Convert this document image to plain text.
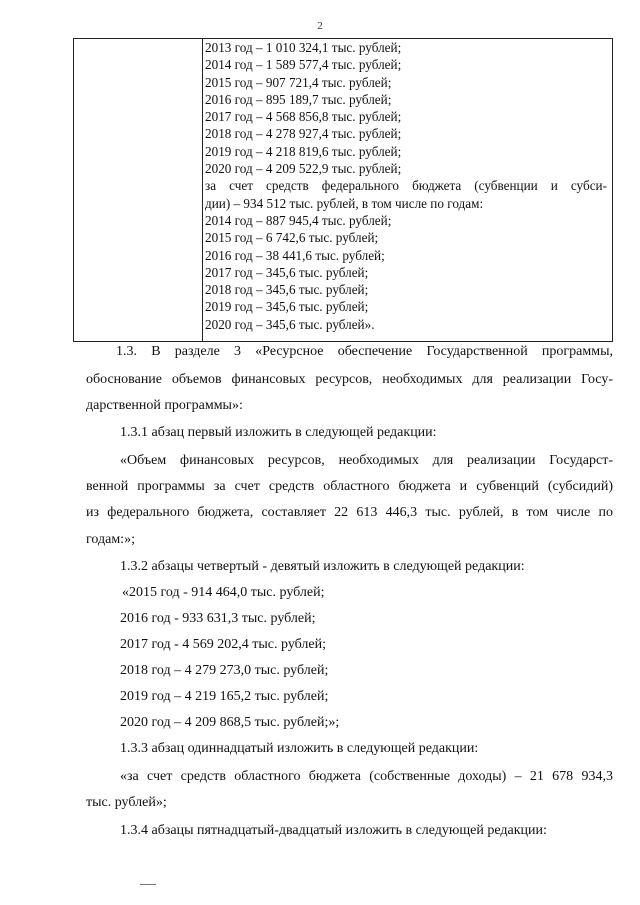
2
2013 год – 1 010 324,1 тыс. рублей;
2014 год – 1 589 577,4 тыс. рублей;
2015 год – 907 721,4 тыс. рублей;
2016 год – 895 189,7 тыс. рублей;
2017 год – 4 568 856,8 тыс. рублей;
2018 год – 4 278 927,4 тыс. рублей;
2019 год – 4 218 819,6 тыс. рублей;
2020 год – 4 209 522,9 тыс. рублей;
за счет средств федерального бюджета (субвенции и субси-
дии) – 934 512 тыс. рублей, в том числе по годам:
2014 год – 887 945,4 тыс. рублей;
2015 год – 6 742,6 тыс. рублей;
2016 год – 38 441,6 тыс. рублей;
2017 год – 345,6 тыс. рублей;
2018 год – 345,6 тыс. рублей;
2019 год – 345,6 тыс. рублей;
2020 год – 345,6 тыс. рублей».

1.3. В разделе 3 «Ресурсное обеспечение Государственной программы,

обоснование объемов финансовых ресурсов, необходимых для реализации Госу-

дарственной программы»:

1.3.1 абзац первый изложить в следующей редакции:

«Объем финансовых ресурсов, необходимых для реализации Государст-

венной программы за счет средств областного бюджета и субвенций (субсидий)

из федерального бюджета, составляет 22 613 446,3 тыс. рублей, в том числе по

годам:»;

1.3.2 абзацы четвертый - девятый изложить в следующей редакции:

«2015 год - 914 464,0 тыс. рублей;

2016 год - 933 631,3 тыс. рублей;

2017 год - 4 569 202,4 тыс. рублей;

2018 год – 4 279 273,0 тыс. рублей;

2019 год – 4 219 165,2 тыс. рублей;

2020 год – 4 209 868,5 тыс. рублей;»;

1.3.3 абзац одиннадцатый изложить в следующей редакции:

«за счет средств областного бюджета (собственные доходы) – 21 678 934,3

тыс. рублей»;

1.3.4 абзацы пятнадцатый-двадцатый изложить в следующей редакции:
